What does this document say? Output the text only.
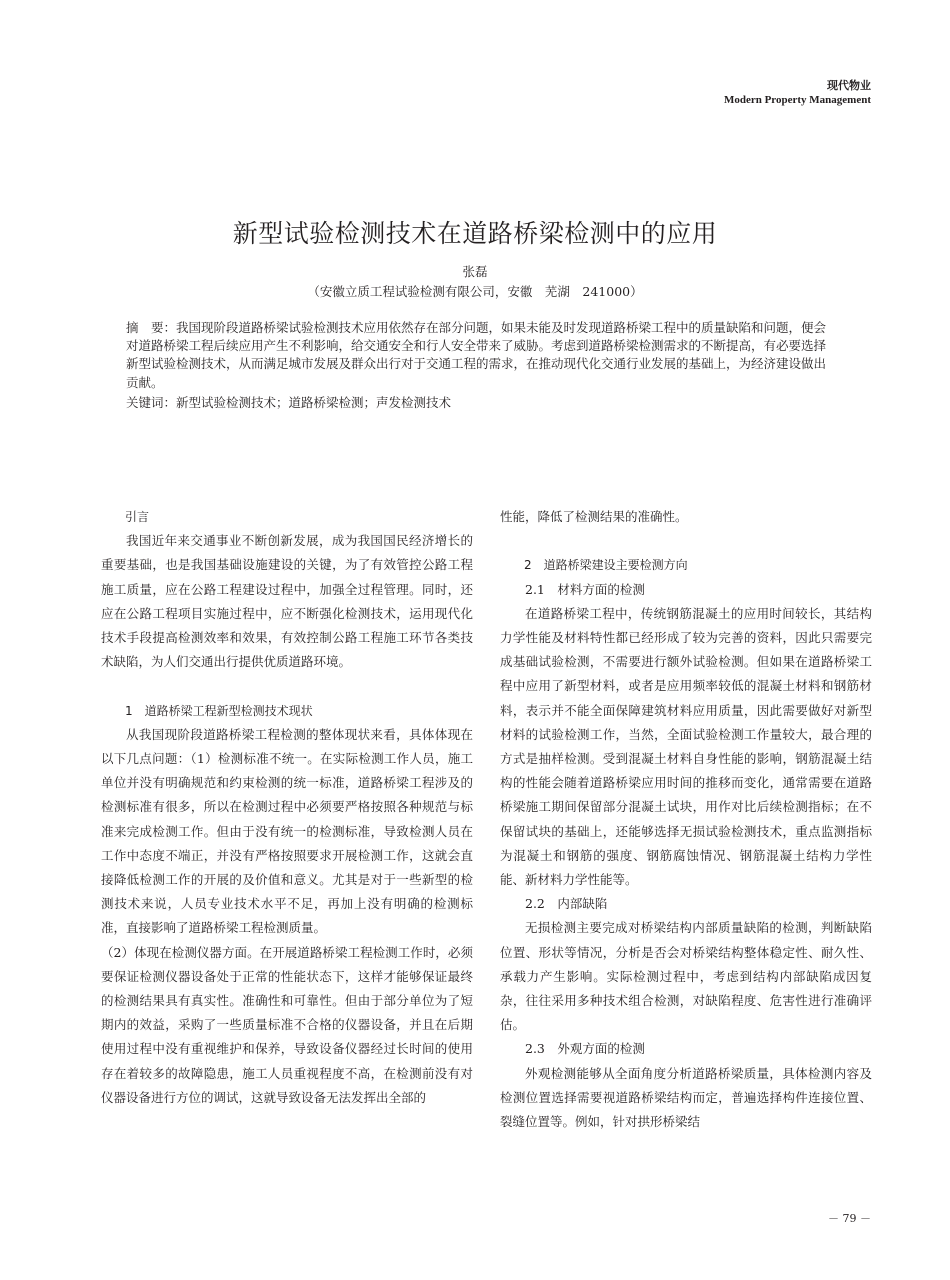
现代物业
Modern Property Management
新型试验检测技术在道路桥梁检测中的应用
张磊
（安徽立质工程试验检测有限公司，安徽　芜湖　241000）
摘　要：我国现阶段道路桥梁试验检测技术应用依然存在部分问题，如果未能及时发现道路桥梁工程中的质量缺陷和问题，便会对道路桥梁工程后续应用产生不利影响，给交通安全和行人安全带来了威胁。考虑到道路桥梁检测需求的不断提高，有必要选择新型试验检测技术，从而满足城市发展及群众出行对于交通工程的需求，在推动现代化交通行业发展的基础上，为经济建设做出贡献。
关键词：新型试验检测技术；道路桥梁检测；声发检测技术
引言

我国近年来交通事业不断创新发展，成为我国国民经济增长的重要基础，也是我国基础设施建设的关键，为了有效管控公路工程施工质量，应在公路工程建设过程中，加强全过程管理。同时，还应在公路工程项目实施过程中，应不断强化检测技术，运用现代化技术手段提高检测效率和效果，有效控制公路工程施工环节各类技术缺陷，为人们交通出行提供优质道路环境。

1　道路桥梁工程新型检测技术现状

从我国现阶段道路桥梁工程检测的整体现状来看，具体体现在以下几点问题：（1）检测标准不统一。在实际检测工作人员，施工单位并没有明确规范和约束检测的统一标准，道路桥梁工程涉及的检测标准有很多，所以在检测过程中必须要严格按照各种规范与标准来完成检测工作。但由于没有统一的检测标准，导致检测人员在工作中态度不端正，并没有严格按照要求开展检测工作，这就会直接降低检测工作的开展的及价值和意义。尤其是对于一些新型的检测技术来说，人员专业技术水平不足，再加上没有明确的检测标准，直接影响了道路桥梁工程检测质量。

（2）体现在检测仪器方面。在开展道路桥梁工程检测工作时，必须要保证检测仪器设备处于正常的性能状态下，这样才能够保证最终的检测结果具有真实性。准确性和可靠性。但由于部分单位为了短期内的效益，采购了一些质量标准不合格的仪器设备，并且在后期使用过程中没有重视维护和保养，导致设备仪器经过长时间的使用存在着较多的故障隐患，施工人员重视程度不高，在检测前没有对仪器设备进行方位的调试，这就导致设备无法发挥出全部的

性能，降低了检测结果的准确性。

2　道路桥梁建设主要检测方向
2.1　材料方面的检测

在道路桥梁工程中，传统钢筋混凝土的应用时间较长，其结构力学性能及材料特性都已经形成了较为完善的资料，因此只需要完成基础试验检测，不需要进行额外试验检测。但如果在道路桥梁工程中应用了新型材料，或者是应用频率较低的混凝土材料和钢筋材料，表示并不能全面保障建筑材料应用质量，因此需要做好对新型材料的试验检测工作，当然，全面试验检测工作量较大，最合理的方式是抽样检测。受到混凝土材料自身性能的影响，钢筋混凝土结构的性能会随着道路桥梁应用时间的推移而变化，通常需要在道路桥梁施工期间保留部分混凝土试块，用作对比后续检测指标；在不保留试块的基础上，还能够选择无损试验检测技术，重点监测指标为混凝土和钢筋的强度、钢筋腐蚀情况、钢筋混凝土结构力学性能、新材料力学性能等。

2.2　内部缺陷

无损检测主要完成对桥梁结构内部质量缺陷的检测，判断缺陷位置、形状等情况，分析是否会对桥梁结构整体稳定性、耐久性、承载力产生影响。实际检测过程中，考虑到结构内部缺陷成因复杂，往往采用多种技术组合检测，对缺陷程度、危害性进行准确评估。

2.3　外观方面的检测

外观检测能够从全面角度分析道路桥梁质量，具体检测内容及检测位置选择需要视道路桥梁结构而定，普遍选择构件连接位置、裂缝位置等。例如，针对拱形桥梁结

－ 79 －
